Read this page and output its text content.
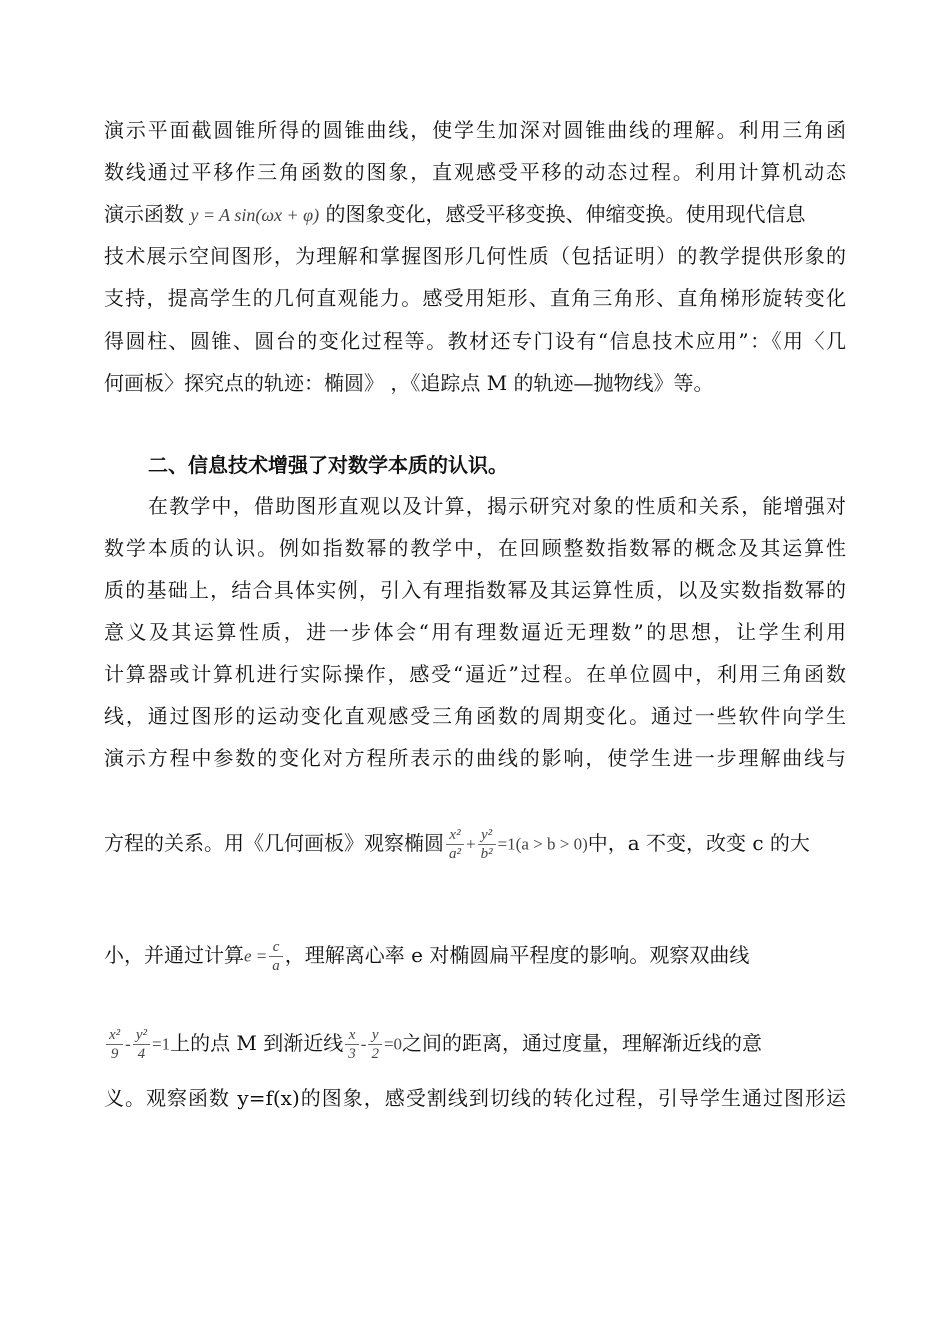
演示平面截圆锥所得的圆锥曲线，使学生加深对圆锥曲线的理解。利用三角函
数线通过平移作三角函数的图象，直观感受平移的动态过程。利用计算机动态
演示函数 y = A sin(ωx + φ) 的图象变化，感受平移变换、伸缩变换。使用现代信息
技术展示空间图形，为理解和掌握图形几何性质（包括证明）的教学提供形象的
支持，提高学生的几何直观能力。感受用矩形、直角三角形、直角梯形旋转变化
得圆柱、圆锥、圆台的变化过程等。教材还专门设有“信息技术应用”：《用〈几
何画板〉探究点的轨迹：椭圆》 ，《追踪点 M 的轨迹—抛物线》等。
二、信息技术增强了对数学本质的认识。
在教学中，借助图形直观以及计算，揭示研究对象的性质和关系，能增强对
数学本质的认识。例如指数幂的教学中，在回顾整数指数幂的概念及其运算性
质的基础上，结合具体实例，引入有理指数幂及其运算性质，以及实数指数幂的
意义及其运算性质，进一步体会“用有理数逼近无理数”的思想，让学生利用
计算器或计算机进行实际操作，感受“逼近”过程。在单位圆中，利用三角函数
线，通过图形的运动变化直观感受三角函数的周期变化。通过一些软件向学生
演示方程中参数的变化对方程所表示的曲线的影响，使学生进一步理解曲线与
方程的关系。用《几何画板》观察椭圆 $\frac{\text{x²}}{\text{a²}} + \frac{\text{y²}}{\text{b²}} =1(a > b > 0)$中，a 不变，改变 c 的大
小，并通过计算$e = \frac{c}{a}$ ，理解离心率 e 对椭圆扁平程度的影响。观察双曲线
$\frac{\text{x²}}{9} - \frac{\text{y²}}{4} =1$上的点 M 到渐近线 $\frac{x}{3} - \frac{y}{2} =0$之间的距离，通过度量，理解渐近线的意
义。观察函数 y=f(x)的图象，感受割线到切线的转化过程，引导学生通过图形运
